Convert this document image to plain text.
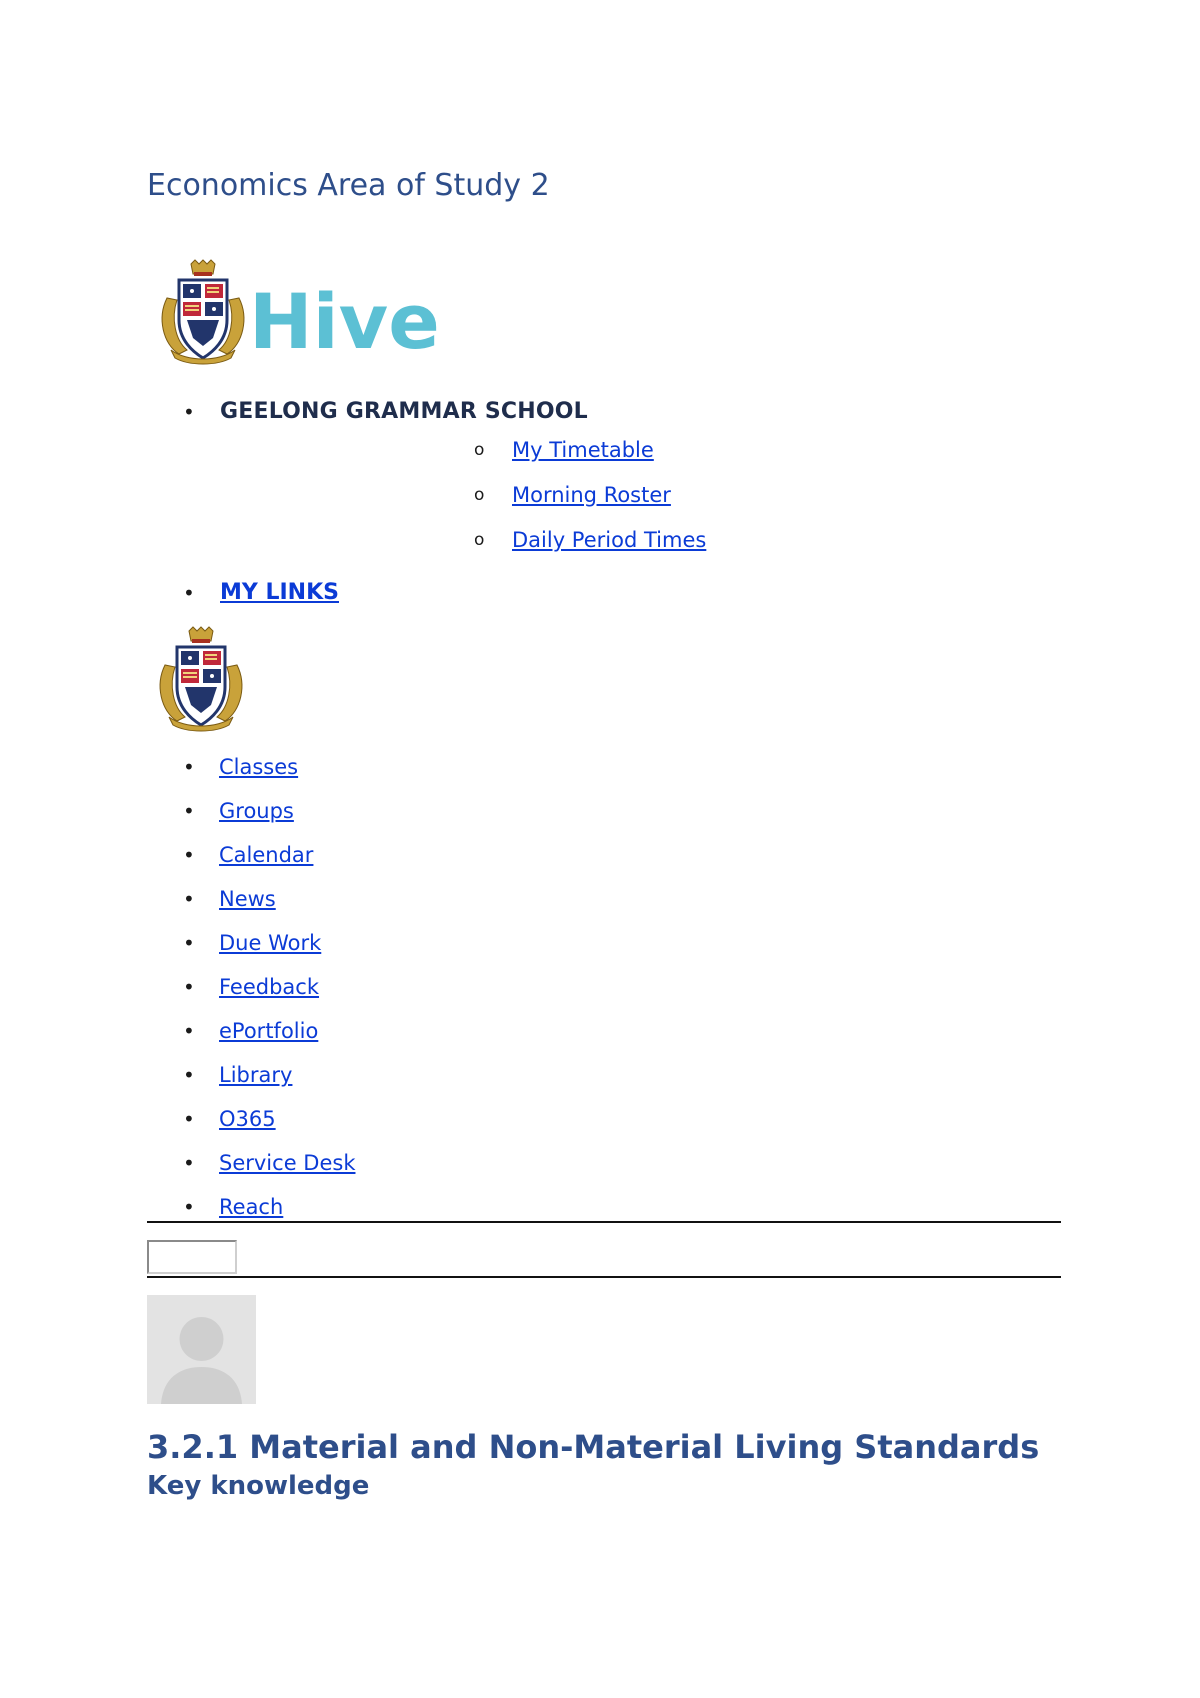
Economics Area of Study 2
Hive
• GEELONG GRAMMAR SCHOOL
o My Timetable
o Morning Roster
o Daily Period Times
• MY LINKS
• Classes
• Groups
• Calendar
• News
• Due Work
• Feedback
• ePortfolio
• Library
• O365
• Service Desk
• Reach
3.2.1 Material and Non-Material Living Standards
Key knowledge
